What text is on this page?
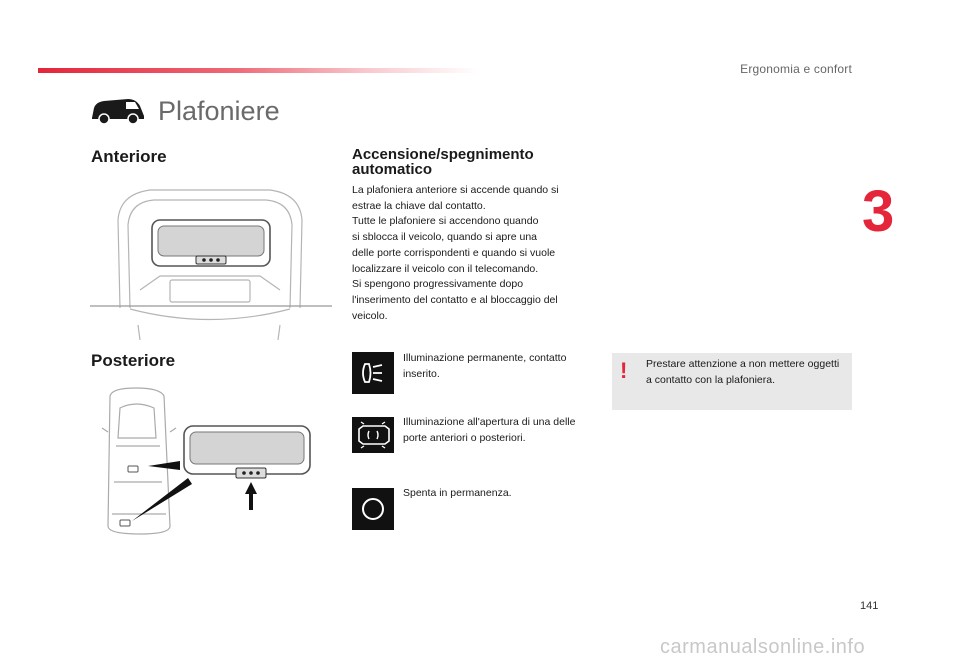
Ergonomia e confort
3
Plafoniere
Anteriore
Posteriore
Accensione/spegnimento automatico
La plafoniera anteriore si accende quando si
estrae la chiave dal contatto.
Tutte le plafoniere si accendono quando
si sblocca il veicolo, quando si apre una
delle porte corrispondenti e quando si vuole
localizzare il veicolo con il telecomando.
Si spengono progressivamente dopo
l'inserimento del contatto e al bloccaggio del
veicolo.
Illuminazione permanente, contatto inserito.
Illuminazione all'apertura di una delle porte anteriori o posteriori.
Spenta in permanenza.
! Prestare attenzione a non mettere oggetti a contatto con la plafoniera.
141
carmanualsonline.info
